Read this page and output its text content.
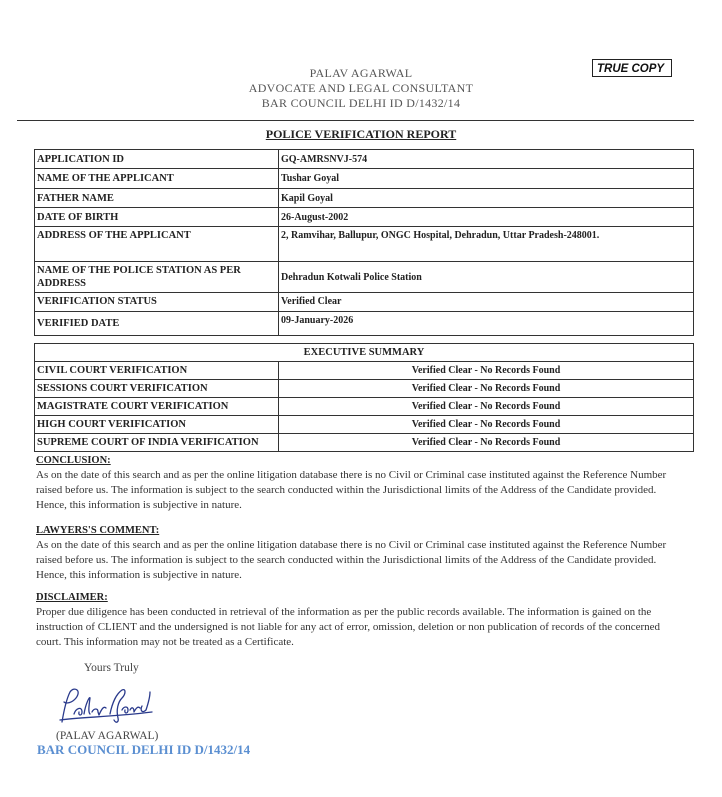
PALAV AGARWAL
ADVOCATE AND LEGAL CONSULTANT
BAR COUNCIL DELHI ID D/1432/14
TRUE COPY
POLICE VERIFICATION REPORT
APPLICATION ID	GQ-AMRSNVJ-574
NAME OF THE APPLICANT	Tushar Goyal
FATHER NAME	Kapil Goyal
DATE OF BIRTH	26-August-2002
ADDRESS OF THE APPLICANT	2, Ramvihar, Ballupur, ONGC Hospital, Dehradun, Uttar Pradesh-248001.
NAME OF THE POLICE STATION AS PER ADDRESS	Dehradun Kotwali Police Station
VERIFICATION STATUS	Verified Clear
VERIFIED DATE	09-January-2026
EXECUTIVE SUMMARY	
CIVIL COURT VERIFICATION	Verified Clear - No Records Found
SESSIONS COURT VERIFICATION	Verified Clear - No Records Found
MAGISTRATE COURT VERIFICATION	Verified Clear - No Records Found
HIGH COURT VERIFICATION	Verified Clear - No Records Found
SUPREME COURT OF INDIA VERIFICATION	Verified Clear - No Records Found
CONCLUSION:
As on the date of this search and as per the online litigation database there is no Civil or Criminal case instituted against the Reference Number raised before us. The information is subject to the search conducted within the Jurisdictional limits of the Address of the Candidate provided. Hence, this information is subjective in nature.
LAWYERS'S COMMENT:
As on the date of this search and as per the online litigation database there is no Civil or Criminal case instituted against the Reference Number raised before us. The information is subject to the search conducted within the Jurisdictional limits of the Address of the Candidate provided. Hence, this information is subjective in nature.
DISCLAIMER:
Proper due diligence has been conducted in retrieval of the information as per the public records available. The information is gained on the instruction of CLIENT and the undersigned is not liable for any act of error, omission, deletion or non publication of records of the concerned court. This information may not be treated as a Certificate.
Yours Truly
(PALAV AGARWAL)
BAR COUNCIL DELHI ID D/1432/14
